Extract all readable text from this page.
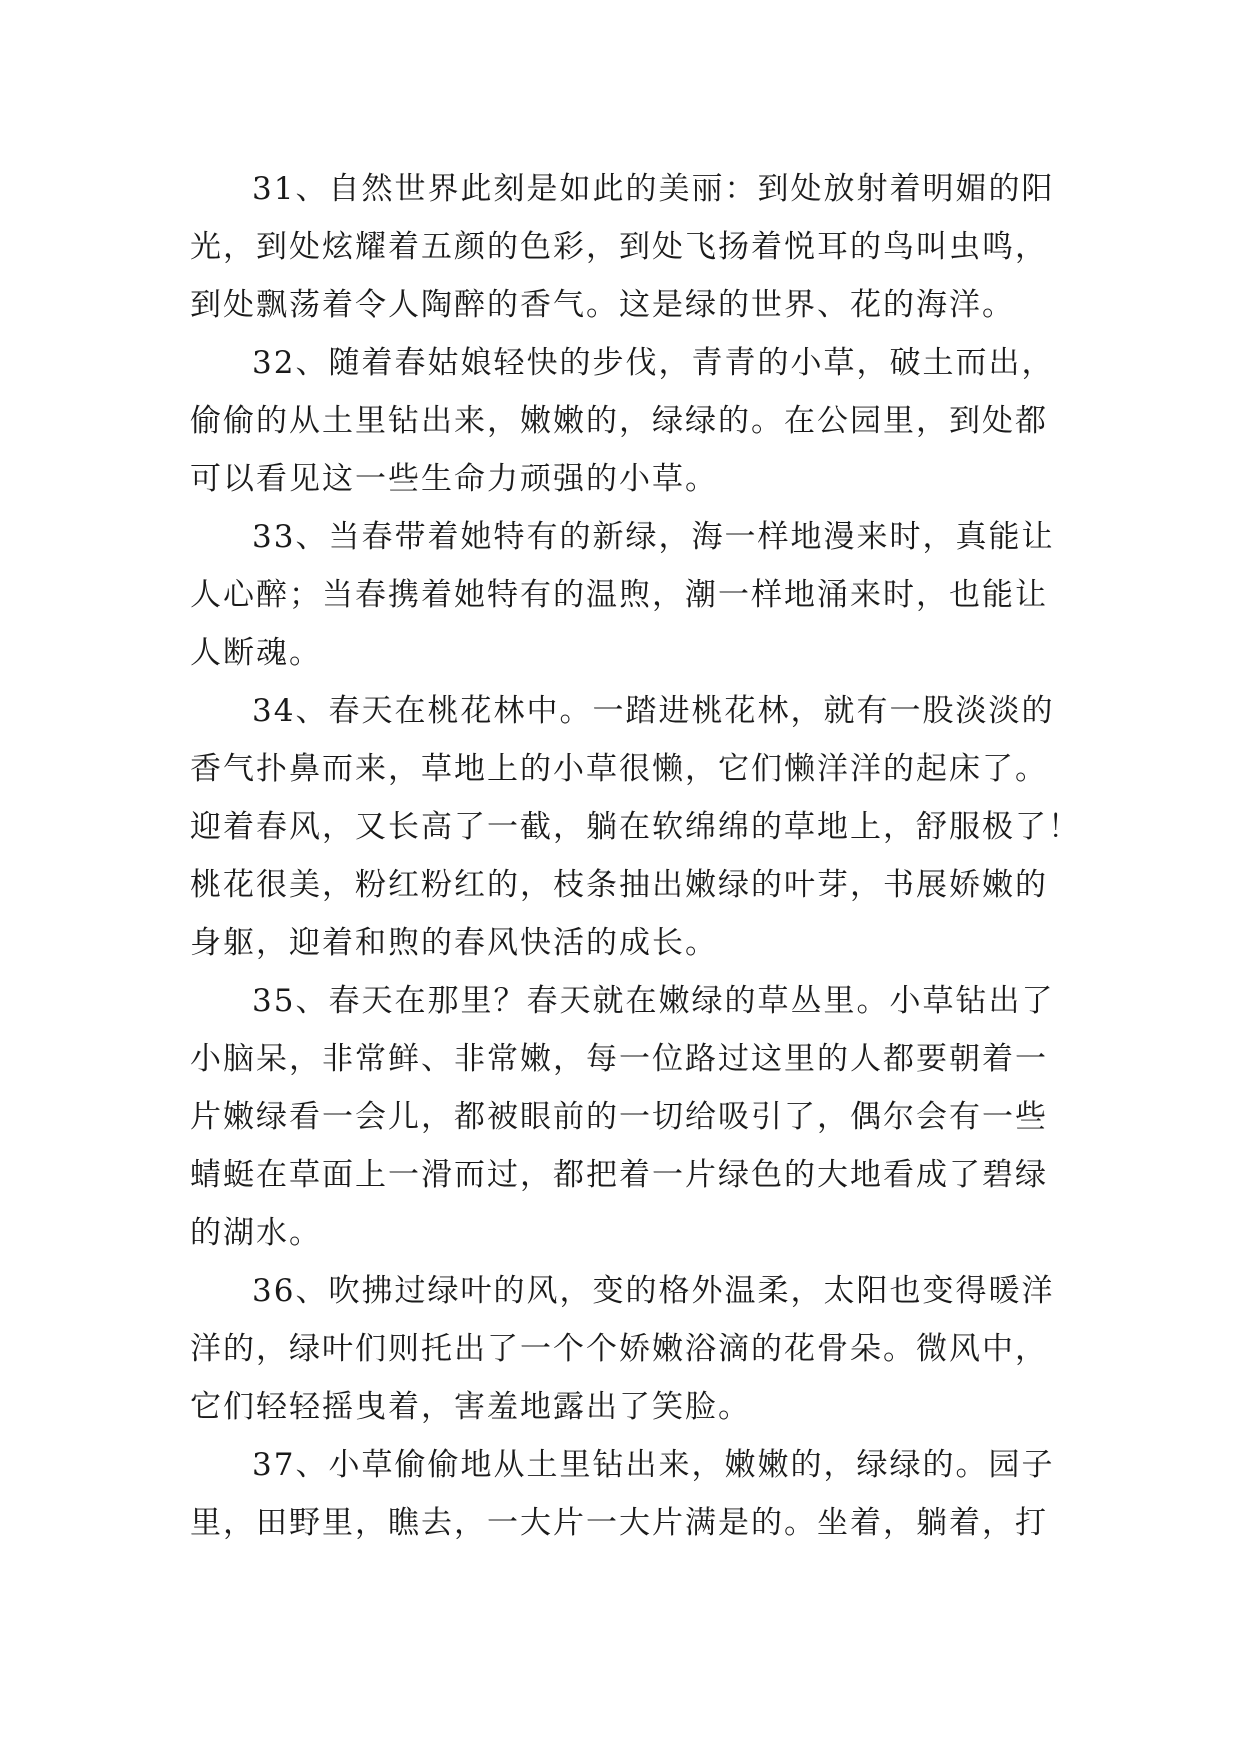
31、自然世界此刻是如此的美丽：到处放射着明媚的阳
光，到处炫耀着五颜的色彩，到处飞扬着悦耳的鸟叫虫鸣，
到处飘荡着令人陶醉的香气。这是绿的世界、花的海洋。
32、随着春姑娘轻快的步伐，青青的小草，破土而出，
偷偷的从土里钻出来，嫩嫩的，绿绿的。在公园里，到处都
可以看见这一些生命力顽强的小草。
33、当春带着她特有的新绿，海一样地漫来时，真能让
人心醉；当春携着她特有的温煦，潮一样地涌来时，也能让
人断魂。
34、春天在桃花林中。一踏进桃花林，就有一股淡淡的
香气扑鼻而来，草地上的小草很懒，它们懒洋洋的起床了。
迎着春风，又长高了一截，躺在软绵绵的草地上，舒服极了！
桃花很美，粉红粉红的，枝条抽出嫩绿的叶芽，书展娇嫩的
身躯，迎着和煦的春风快活的成长。
35、春天在那里？春天就在嫩绿的草丛里。小草钻出了
小脑呆，非常鲜、非常嫩，每一位路过这里的人都要朝着一
片嫩绿看一会儿，都被眼前的一切给吸引了，偶尔会有一些
蜻蜓在草面上一滑而过，都把着一片绿色的大地看成了碧绿
的湖水。
36、吹拂过绿叶的风，变的格外温柔，太阳也变得暖洋
洋的，绿叶们则托出了一个个娇嫩浴滴的花骨朵。微风中，
它们轻轻摇曳着，害羞地露出了笑脸。
37、小草偷偷地从土里钻出来，嫩嫩的，绿绿的。园子
里，田野里，瞧去，一大片一大片满是的。坐着，躺着，打
